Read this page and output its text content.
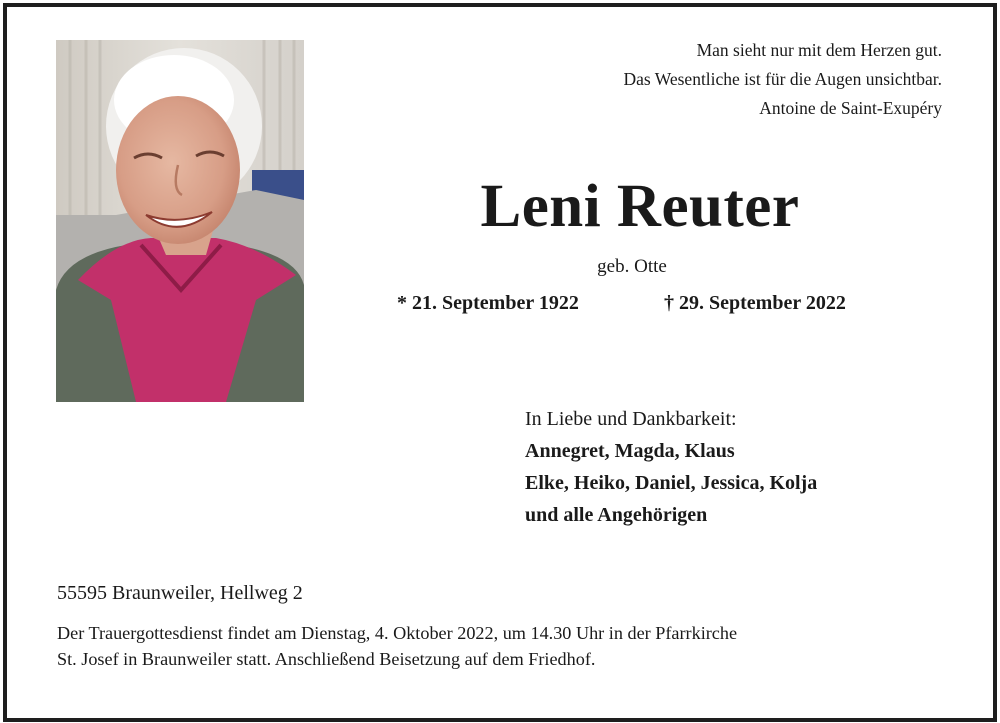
Man sieht nur mit dem Herzen gut.
Das Wesentliche ist für die Augen unsichtbar.
Antoine de Saint-Exupéry
Leni Reuter
geb. Otte
* 21. September 1922	† 29. September 2022
In Liebe und Dankbarkeit:
Annegret, Magda, Klaus
Elke, Heiko, Daniel, Jessica, Kolja
und alle Angehörigen
55595 Braunweiler, Hellweg 2
Der Trauergottesdienst findet am Dienstag, 4. Oktober 2022, um 14.30 Uhr in der Pfarrkirche
St. Josef in Braunweiler statt. Anschließend Beisetzung auf dem Friedhof.
